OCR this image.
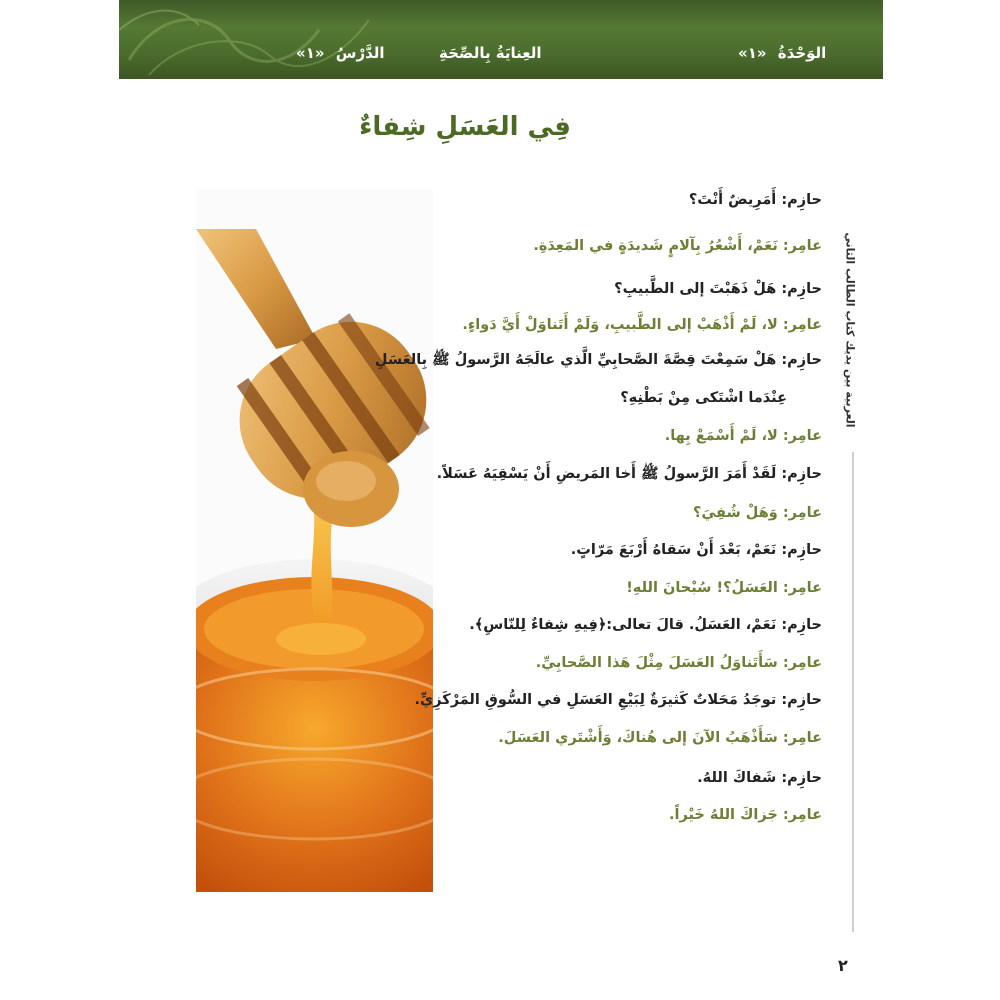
الوَحْدَةُ «١»
العِنايَةُ بِالصِّحَةِ
الدَّرْسُ «١»
فِي العَسَلِ شِفاءٌ
العربية بين يديك كتاب الطالب الثاني
حازِم: أَمَرِيضٌ أَنْتَ؟
عامِر: نَعَمْ، أَشْعُرُ بِآلامٍ شَديدَةٍ في المَعِدَةِ.
حازِم: هَلْ ذَهَبْتَ إلى الطَّبيبِ؟
عامِر: لا، لَمْ أَذْهَبْ إلى الطَّبيبِ، وَلَمْ أَتَناوَلْ أَيَّ دَواءٍ.
حازِم: هَلْ سَمِعْتَ قِصَّةَ الصَّحابِيِّ الَّذي عالَجَهُ الرَّسولُ ﷺ بِالعَسَلِ
عِنْدَما اشْتَكى مِنْ بَطْنِهِ؟
عامِر: لا، لَمْ أَسْمَعْ بِها.
حازِم: لَقَدْ أَمَرَ الرَّسولُ ﷺ أَخا المَريضِ أَنْ يَسْقِيَهُ عَسَلاً.
عامِر: وَهَلْ شُفِيَ؟
حازِم: نَعَمْ، بَعْدَ أَنْ سَقاهُ أَرْبَعَ مَرّاتٍ.
عامِر: العَسَلُ؟! سُبْحانَ اللهِ!
حازِم: نَعَمْ، العَسَلُ. قالَ تعالى:﴿فِيهِ شِفاءٌ لِلنّاسِ﴾.
عامِر: سَأَتَناوَلُ العَسَلَ مِثْلَ هَذا الصَّحابِيِّ.
حازِم: توجَدُ مَحَلاتٌ كَثيرَةٌ لِبَيْعِ العَسَلِ في السُّوقِ المَرْكَزِيِّ.
عامِر: سَأَذْهَبُ الآنَ إلى هُناكَ، وَأَشْتَري العَسَلَ.
حازِم: شَفاكَ اللهُ.
عامِر: جَزاكَ اللهُ خَيْراً.
٢
